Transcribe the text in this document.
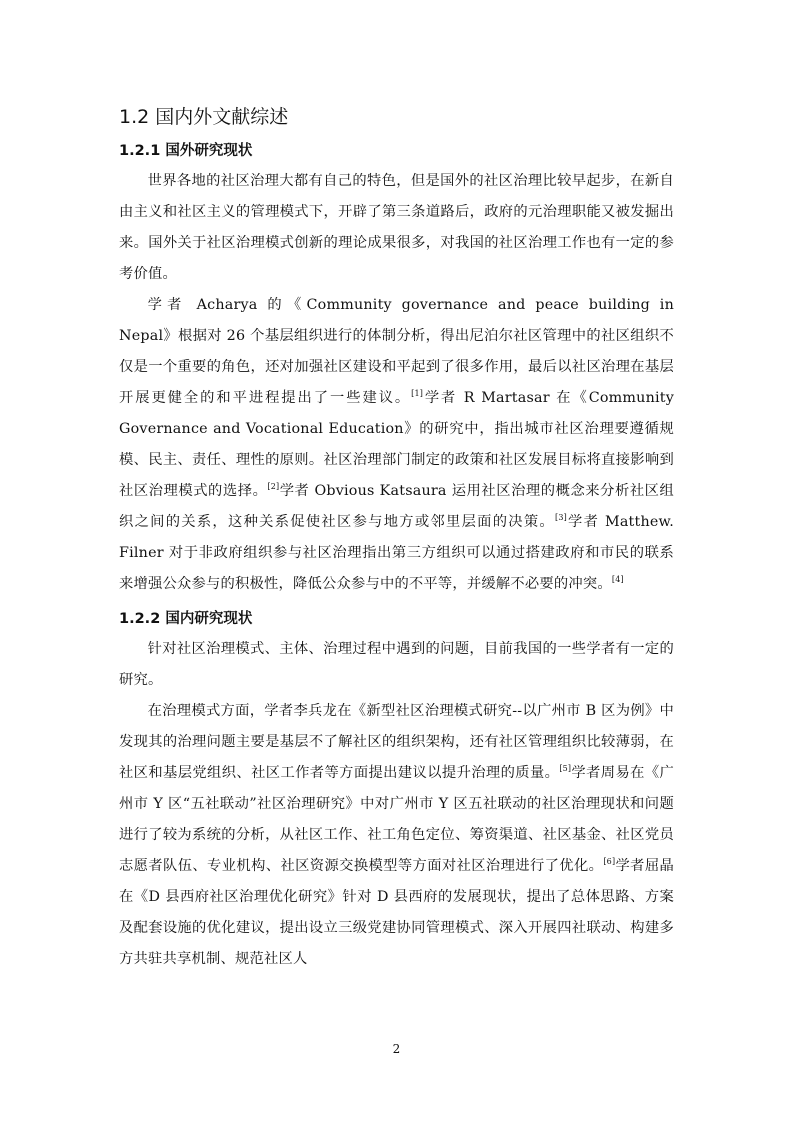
1.2 国内外文献综述
1.2.1 国外研究现状

世界各地的社区治理大都有自己的特色，但是国外的社区治理比较早起步，在新自由主义和社区主义的管理模式下，开辟了第三条道路后，政府的元治理职能又被发掘出来。国外关于社区治理模式创新的理论成果很多，对我国的社区治理工作也有一定的参考价值。

学者 Acharya 的《Community governance and peace building in Nepal》根据对 26 个基层组织进行的体制分析，得出尼泊尔社区管理中的社区组织不仅是一个重要的角色，还对加强社区建设和平起到了很多作用，最后以社区治理在基层开展更健全的和平进程提出了一些建议。[1]学者 R Martasar 在《Community Governance and Vocational Education》的研究中，指出城市社区治理要遵循规模、民主、责任、理性的原则。社区治理部门制定的政策和社区发展目标将直接影响到社区治理模式的选择。[2]学者 Obvious Katsaura 运用社区治理的概念来分析社区组织之间的关系，这种关系促使社区参与地方或邻里层面的决策。[3]学者 Matthew. Filner 对于非政府组织参与社区治理指出第三方组织可以通过搭建政府和市民的联系来增强公众参与的积极性，降低公众参与中的不平等，并缓解不必要的冲突。[4]

1.2.2 国内研究现状

针对社区治理模式、主体、治理过程中遇到的问题，目前我国的一些学者有一定的研究。

在治理模式方面，学者李兵龙在《新型社区治理模式研究--以广州市 B 区为例》中发现其的治理问题主要是基层不了解社区的组织架构，还有社区管理组织比较薄弱，在社区和基层党组织、社区工作者等方面提出建议以提升治理的质量。[5]学者周易在《广州市 Y 区“五社联动”社区治理研究》中对广州市 Y 区五社联动的社区治理现状和问题进行了较为系统的分析，从社区工作、社工角色定位、筹资渠道、社区基金、社区党员志愿者队伍、专业机构、社区资源交换模型等方面对社区治理进行了优化。[6]学者屈晶在《D 县西府社区治理优化研究》针对 D 县西府的发展现状，提出了总体思路、方案及配套设施的优化建议，提出设立三级党建协同管理模式、深入开展四社联动、构建多方共驻共享机制、规范社区人

2
